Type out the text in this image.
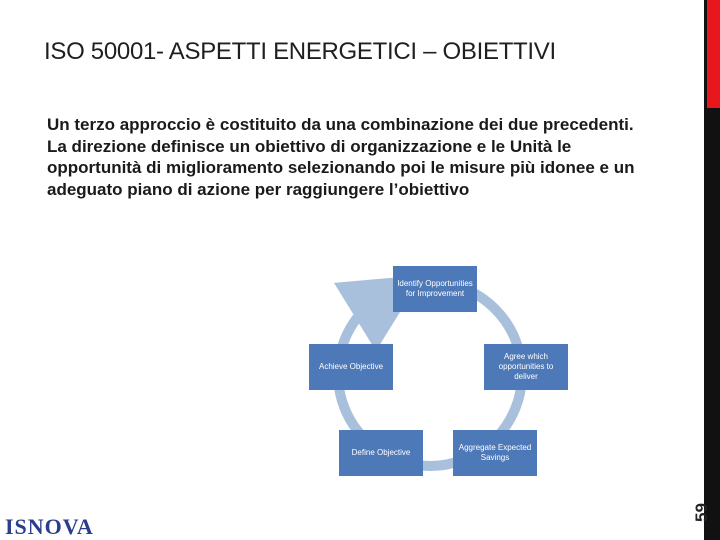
59
ISO 50001- ASPETTI ENERGETICI – OBIETTIVI

Un terzo approccio è costituito da una combinazione dei due precedenti.

La direzione definisce un obiettivo di organizzazione e le Unità le opportunità di miglioramento selezionando poi le misure più idonee e un adeguato piano di azione per raggiungere l’obiettivo

Identify Opportunities for Improvement
Agree which opportunities to deliver
Aggregate Expected Savings
Define Objective
Achieve Objective
ISNOVA
